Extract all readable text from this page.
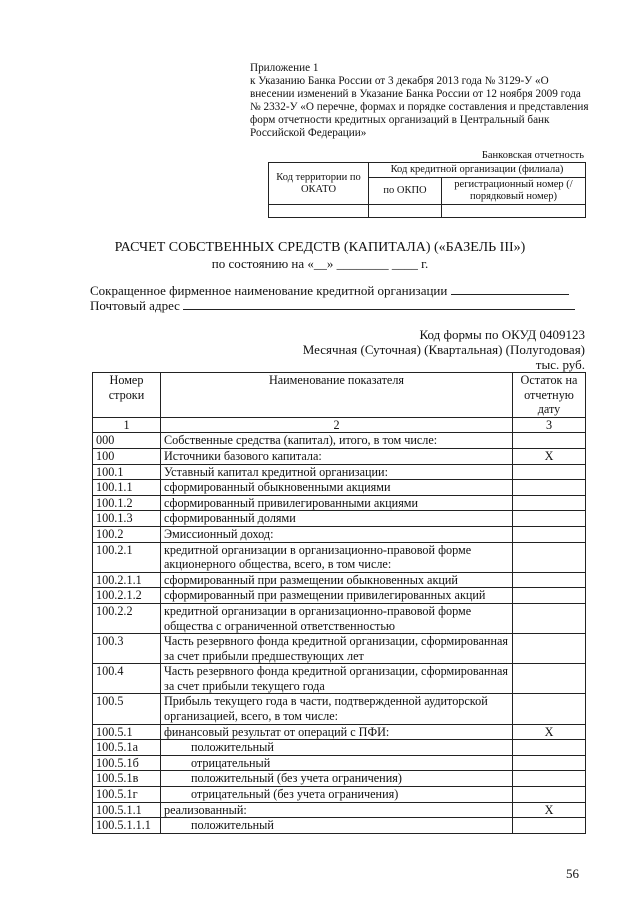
Приложение 1
к Указанию Банка России от 3 декабря 2013 года № 3129-У «О
внесении изменений в Указание Банка России от 12 ноября 2009 года
№ 2332-У «О перечне, формах и порядке составления и представления
форм отчетности кредитных организаций в Центральный банк
Российской Федерации»
Банковская отчетность
Код территории по ОКАТО	Код кредитной организации (филиала)	
	по ОКПО	регистрационный номер (/порядковый номер)

РАСЧЕТ СОБСТВЕННЫХ СРЕДСТВ (КАПИТАЛА) («БАЗЕЛЬ III»)
по состоянию на «__» ________ ____ г.
Сокращенное фирменное наименование кредитной организации
Почтовый адрес
Код формы по ОКУД 0409123
Месячная (Суточная) (Квартальная) (Полугодовая)
тыс. руб.
Номер строки	Наименование показателя	Остаток на отчетную дату
1	2	3
000	Собственные средства (капитал), итого, в том числе:	
100	Источники базового капитала:	X
100.1	Уставный капитал кредитной организации:	
100.1.1	сформированный обыкновенными акциями	
100.1.2	сформированный привилегированными акциями	
100.1.3	сформированный долями	
100.2	Эмиссионный доход:	
100.2.1	кредитной организации в организационно-правовой форме акционерного общества, всего, в том числе:	
100.2.1.1	сформированный при размещении обыкновенных акций	
100.2.1.2	сформированный при размещении привилегированных акций	
100.2.2	кредитной организации в организационно-правовой форме общества с ограниченной ответственностью	
100.3	Часть резервного фонда кредитной организации, сформированная за счет прибыли предшествующих лет	
100.4	Часть резервного фонда кредитной организации, сформированная за счет прибыли текущего года	
100.5	Прибыль текущего года в части, подтвержденной аудиторской организацией, всего, в том числе:	
100.5.1	финансовый результат от операций с ПФИ:	X
100.5.1а	положительный	
100.5.1б	отрицательный	
100.5.1в	положительный (без учета ограничения)	
100.5.1г	отрицательный (без учета ограничения)	
100.5.1.1	реализованный:	X
100.5.1.1.1	положительный	
56
